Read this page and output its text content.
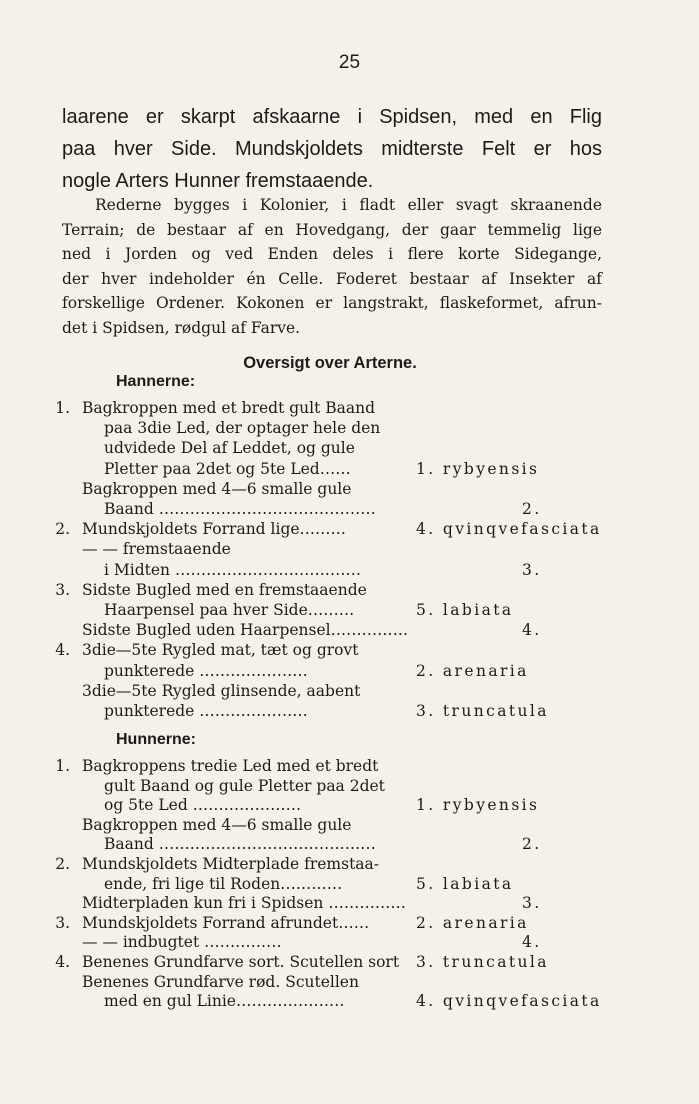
25
laarene er skarpt afskaarne i Spidsen, med en Flig
paa hver Side. Mundskjoldets midterste Felt er hos
nogle Arters Hunner fremstaaende.
Rederne bygges i Kolonier, i fladt eller svagt skraanende
Terrain; de bestaar af en Hovedgang, der gaar temmelig lige
ned i Jorden og ved Enden deles i flere korte Sidegange,
der hver indeholder én Celle. Foderet bestaar af Insekter af
forskellige Ordener. Kokonen er langstrakt, flaskeformet, afrun-
det i Spidsen, rødgul af Farve.
Oversigt over Arterne.
Hannerne:
1. Bagkroppen med et bredt gult Baand
paa 3die Led, der optager hele den
udvidede Del af Leddet, og gule
Pletter paa 2det og 5te Led……	1. rybyensis
Bagkroppen med 4—6 smalle gule
Baand ……………………………………	2.
2. Mundskjoldets Forrand lige………	4. qvinqvefasciata
— — fremstaaende
i Midten ………………………………	3.
3. Sidste Bugled med en fremstaaende
Haarpensel paa hver Side………	5. labiata
Sidste Bugled uden Haarpensel……………	4.
4. 3die—5te Rygled mat, tæt og grovt
punkterede …………………	2. arenaria
3die—5te Rygled glinsende, aabent
punkterede …………………	3. truncatula
Hunnerne:
1. Bagkroppens tredie Led med et bredt
gult Baand og gule Pletter paa 2det
og 5te Led …………………	1. rybyensis
Bagkroppen med 4—6 smalle gule
Baand ……………………………………	2.
2. Mundskjoldets Midterplade fremstaa-
ende, fri lige til Roden…………	5. labiata
Midterpladen kun fri i Spidsen ……………	3.
3. Mundskjoldets Forrand afrundet……	2. arenaria
— — indbugtet ……………	4.
4. Benenes Grundfarve sort. Scutellen sort 3. truncatula
Benenes Grundfarve rød. Scutellen
med en gul Linie…………………	4. qvinqvefasciata
